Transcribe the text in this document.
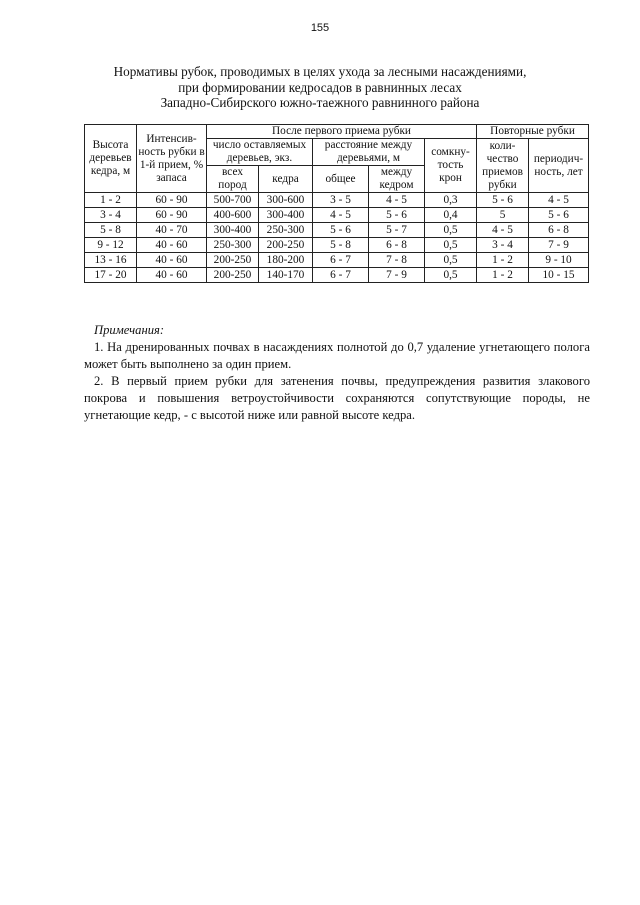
155
Нормативы рубок, проводимых в целях ухода за лесными насаждениями,
при формировании кедросадов в равнинных лесах
Западно-Сибирского южно-таежного равнинного района
Высота деревьев кедра, м	Интенсив-ность рубки в 1-й прием, % запаса	После первого приема рубки					Повторные рубки	
		число оставляемых деревьев, экз.		расстояние между деревьями, м		сомкну-тость крон	коли-чество приемов рубки	периодич-ность, лет
		всех пород	кедра	общее	между кедром			
1 - 2	60 - 90	500-700	300-600	3 - 5	4 - 5	0,3	5 - 6	4 - 5
3 - 4	60 - 90	400-600	300-400	4 - 5	5 - 6	0,4	5	5 - 6
5 - 8	40 - 70	300-400	250-300	5 - 6	5 - 7	0,5	4 - 5	6 - 8
9 - 12	40 - 60	250-300	200-250	5 - 8	6 - 8	0,5	3 - 4	7 - 9
13 - 16	40 - 60	200-250	180-200	6 - 7	7 - 8	0,5	1 - 2	9 - 10
17 - 20	40 - 60	200-250	140-170	6 - 7	7 - 9	0,5	1 - 2	10 - 15
Примечания:

1. На дренированных почвах в насаждениях полнотой до 0,7 удаление угнетающего полога может быть выполнено за один прием.

2. В первый прием рубки для затенения почвы, предупреждения развития злакового покрова и повышения ветроустойчивости сохраняются сопутствующие породы, не угнетающие кедр, - с высотой ниже или равной высоте кедра.
